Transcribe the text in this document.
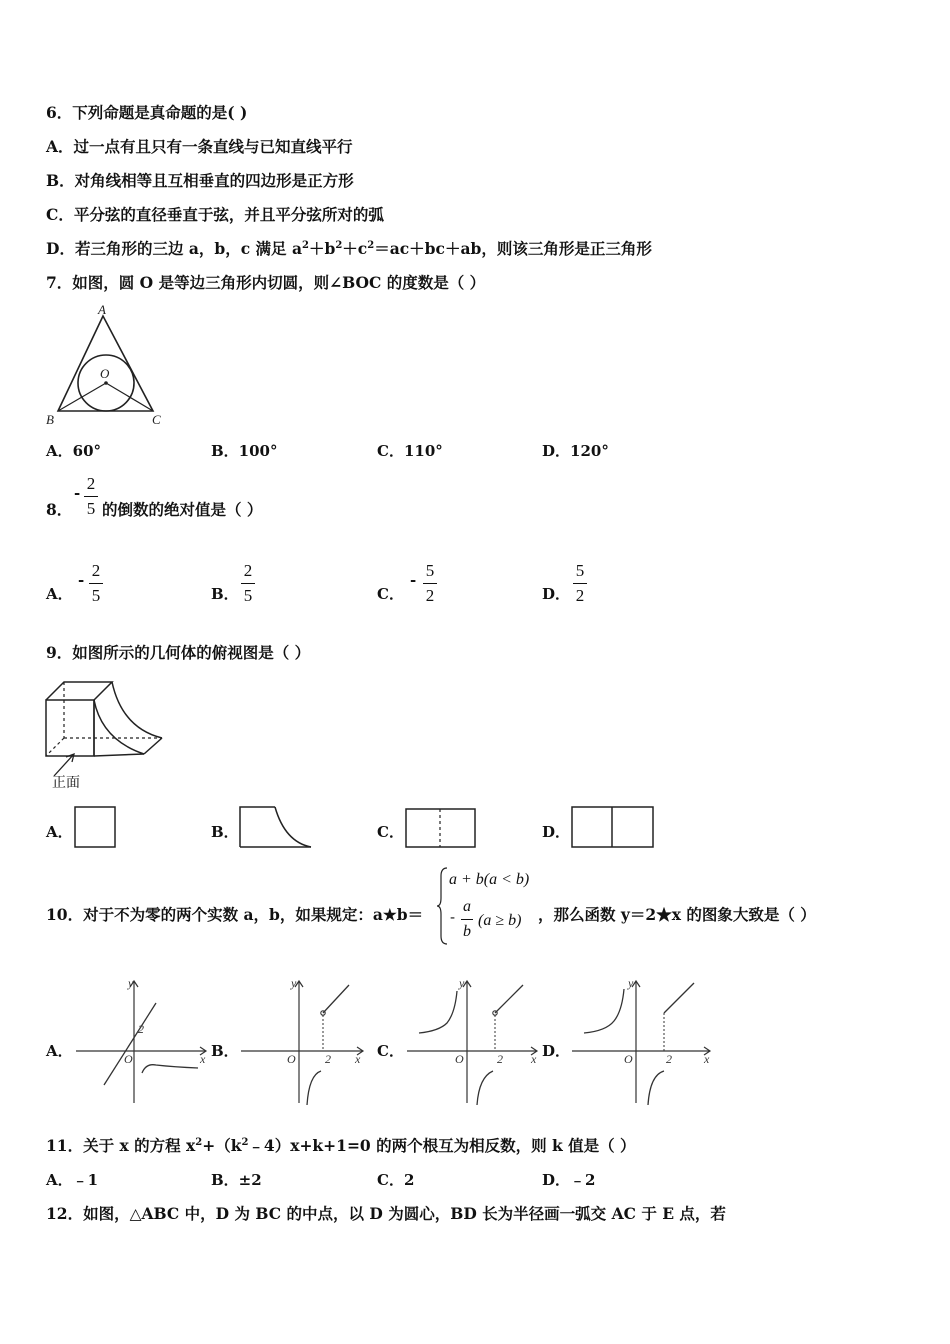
6．下列命题是真命题的是( )
A．过一点有且只有一条直线与已知直线平行
B．对角线相等且互相垂直的四边形是正方形
C．平分弦的直径垂直于弦，并且平分弦所对的弧
D．若三角形的三边 a，b，c 满足 $a^2+b^2+c^2=ac+bc+ab$，则该三角形是正三角形
7．如图，圆 O 是等边三角形内切圆，则∠BOC 的度数是（ ）
A
B	C
O
A．60°	B．100°	C．110°	D．120°
8．
- 2
5 的倒数的绝对值是（ ）
A．
- 2
5	B．
2
5	C．
- 5
2	D．
5
2
9．如图所示的几何体的俯视图是（ ）
正面
A．	B．	C．	D．
10．对于不为零的两个实数 a，b，如果规定：a★b＝
a + b(a < b)
-
a
b
(a ≥ b) ，那么函数 y＝2★x 的图象大致是（ ）
A．
y
x
O
2
B．
y
x
O 2	C．
y
x
O	2	D．
y
x
O	2
11．关于 x 的方程 $x^2+(k^2﹣4)x+k+1=0$ 的两个根互为相反数，则 k 值是（ ）
A．﹣1	B．±2	C．2	D．﹣2
12．如图，△ABC 中，D 为 BC 的中点，以 D 为圆心，BD 长为半径画一弧交 AC 于 E 点，若
